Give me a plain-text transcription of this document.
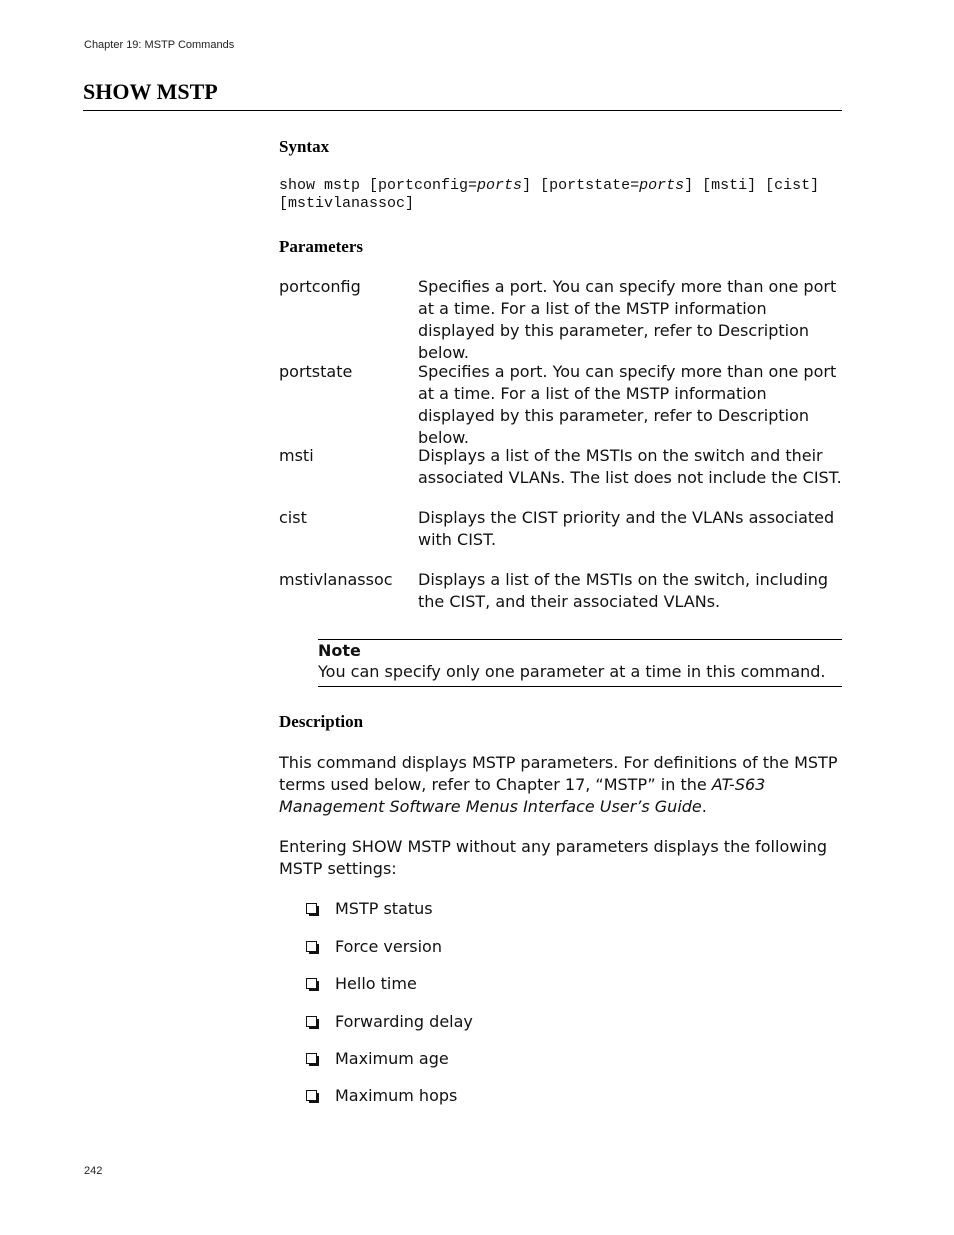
Chapter 19: MSTP Commands
SHOW MSTP
Syntax
show mstp [portconfig=ports] [portstate=ports] [msti] [cist]
[mstivlanassoc]
Parameters
portconfig	Specifies a port. You can specify more than one port at a time. For a list of the MSTP information displayed by this parameter, refer to Description below.
portstate	Specifies a port. You can specify more than one port at a time. For a list of the MSTP information displayed by this parameter, refer to Description below.
msti	Displays a list of the MSTIs on the switch and their associated VLANs. The list does not include the CIST.
cist	Displays the CIST priority and the VLANs associated with CIST.
mstivlanassoc	Displays a list of the MSTIs on the switch, including the CIST, and their associated VLANs.
Note
You can specify only one parameter at a time in this command.
Description

This command displays MSTP parameters. For definitions of the MSTP terms used below, refer to Chapter 17, “MSTP” in the AT-S63 Management Software Menus Interface User’s Guide.

Entering SHOW MSTP without any parameters displays the following MSTP settings:

MSTP status
Force version
Hello time
Forwarding delay
Maximum age
Maximum hops
242
